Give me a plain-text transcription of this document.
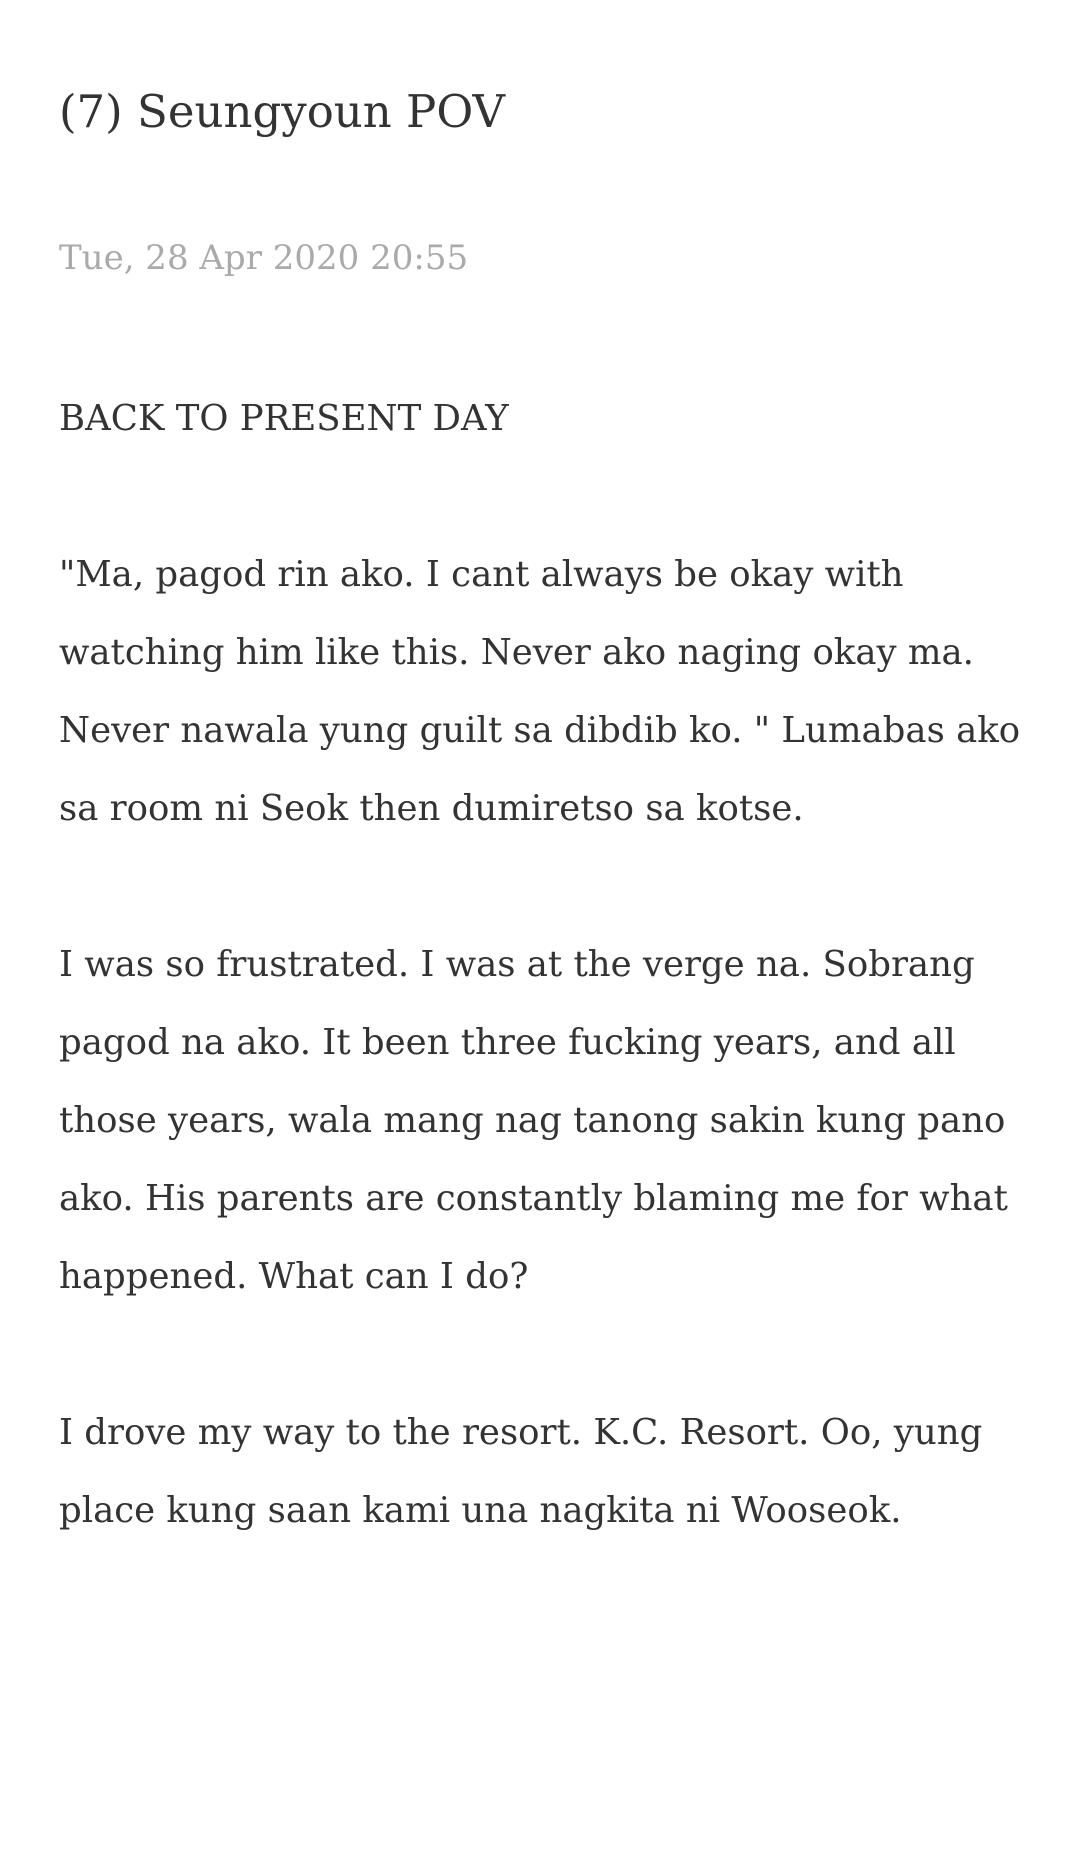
(7) Seungyoun POV
Tue, 28 Apr 2020 20:55

BACK TO PRESENT DAY

"Ma, pagod rin ako. I cant always be okay with watching him like this. Never ako naging okay ma. Never nawala yung guilt sa dibdib ko. " Lumabas ako sa room ni Seok then dumiretso sa kotse.

I was so frustrated. I was at the verge na. Sobrang pagod na ako. It been three fucking years, and all those years, wala mang nag tanong sakin kung pano ako. His parents are constantly blaming me for what happened. What can I do?

I drove my way to the resort. K.C. Resort. Oo, yung place kung saan kami una nagkita ni Wooseok.
